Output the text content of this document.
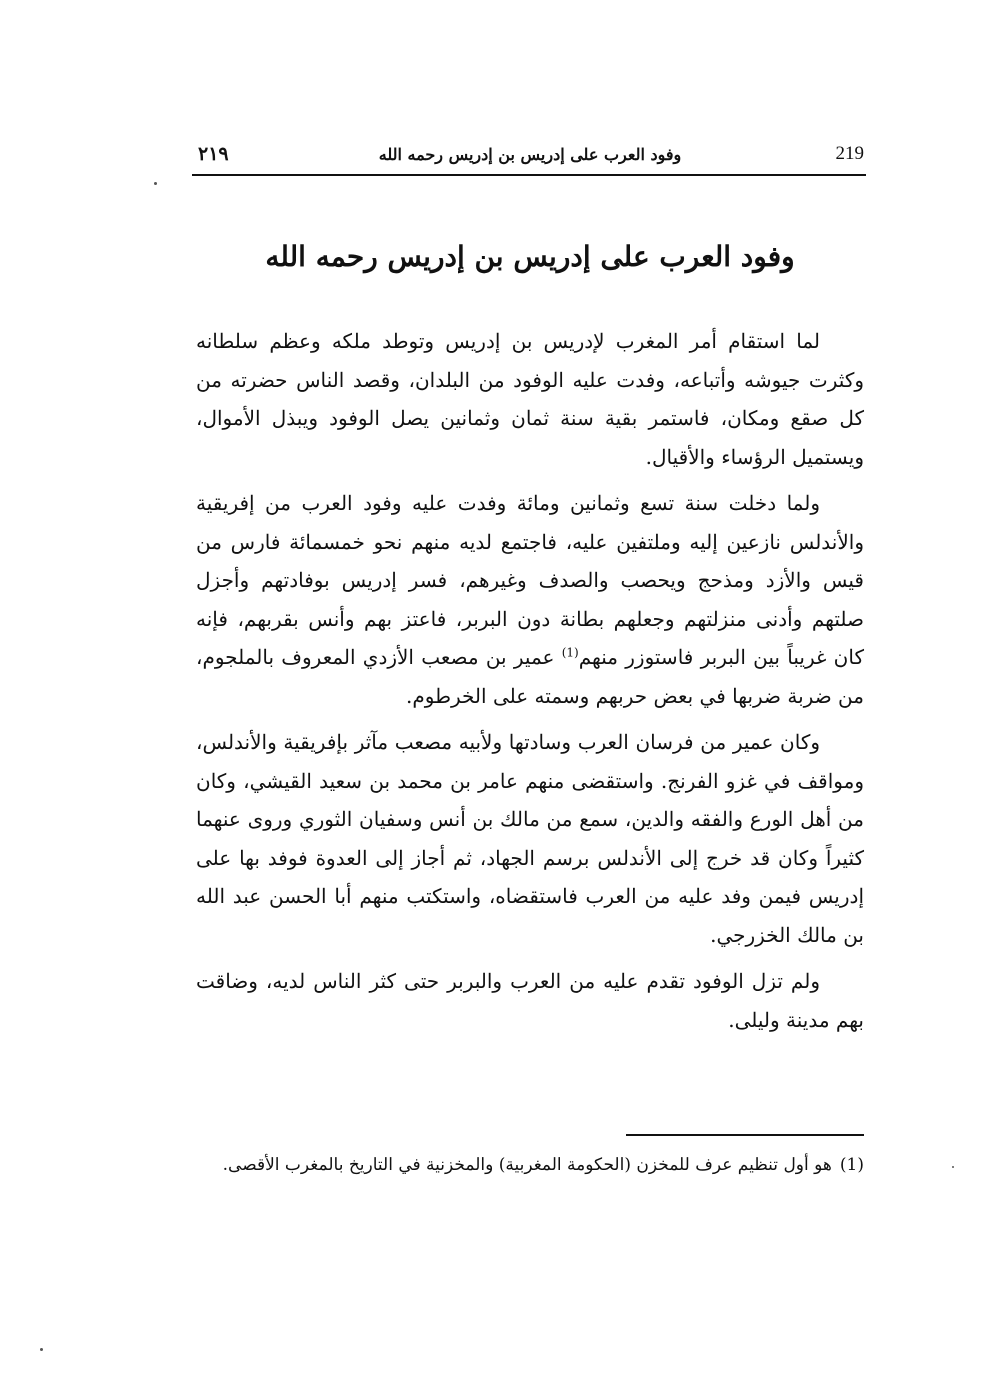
219
وفود العرب على إدريس بن إدريس رحمه الله
٢١٩
وفود العرب على إدريس بن إدريس رحمه الله

لما استقام أمر المغرب لإدريس بن إدريس وتوطد ملكه وعظم سلطانه وكثرت جيوشه وأتباعه، وفدت عليه الوفود من البلدان، وقصد الناس حضرته من كل صقع ومكان، فاستمر بقية سنة ثمان وثمانين يصل الوفود ويبذل الأموال، ويستميل الرؤساء والأقيال.

ولما دخلت سنة تسع وثمانين ومائة وفدت عليه وفود العرب من إفريقية والأندلس نازعين إليه وملتفين عليه، فاجتمع لديه منهم نحو خمسمائة فارس من قيس والأزد ومذحج ويحصب والصدف وغيرهم، فسر إدريس بوفادتهم وأجزل صلتهم وأدنى منزلتهم وجعلهم بطانة دون البربر، فاعتز بهم وأنس بقربهم، فإنه كان غريباً بين البربر فاستوزر منهم$^{(1)}$ عمير بن مصعب الأزدي المعروف بالملجوم، من ضربة ضربها في بعض حربهم وسمته على الخرطوم.

وكان عمير من فرسان العرب وسادتها ولأبيه مصعب مآثر بإفريقية والأندلس، ومواقف في غزو الفرنج. واستقضى منهم عامر بن محمد بن سعيد القيشي، وكان من أهل الورع والفقه والدين، سمع من مالك بن أنس وسفيان الثوري وروى عنهما كثيراً وكان قد خرج إلى الأندلس برسم الجهاد، ثم أجاز إلى العدوة فوفد بها على إدريس فيمن وفد عليه من العرب فاستقضاه، واستكتب منهم أبا الحسن عبد الله بن مالك الخزرجي.

ولم تزل الوفود تقدم عليه من العرب والبربر حتى كثر الناس لديه، وضاقت بهم مدينة وليلى.

(1)هو أول تنظيم عرف للمخزن (الحكومة المغربية) والمخزنية في التاريخ بالمغرب الأقصى.
